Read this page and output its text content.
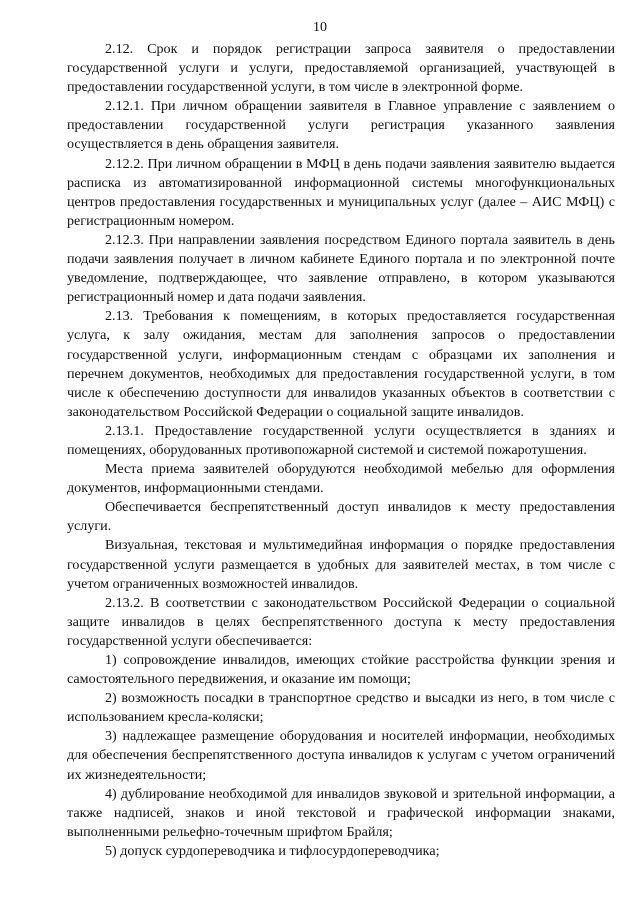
10

2.12. Срок и порядок регистрации запроса заявителя о предоставлении государственной услуги и услуги, предоставляемой организацией, участвующей в предоставлении государственной услуги, в том числе в электронной форме.

2.12.1. При личном обращении заявителя в Главное управление с заявлением о предоставлении государственной услуги регистрация указанного заявления осуществляется в день обращения заявителя.

2.12.2. При личном обращении в МФЦ в день подачи заявления заявителю выдается расписка из автоматизированной информационной системы многофункциональных центров предоставления государственных и муниципальных услуг (далее – АИС МФЦ) с регистрационным номером.

2.12.3. При направлении заявления посредством Единого портала заявитель в день подачи заявления получает в личном кабинете Единого портала и по электронной почте уведомление, подтверждающее, что заявление отправлено, в котором указываются регистрационный номер и дата подачи заявления.

2.13. Требования к помещениям, в которых предоставляется государственная услуга, к залу ожидания, местам для заполнения запросов о предоставлении государственной услуги, информационным стендам с образцами их заполнения и перечнем документов, необходимых для предоставления государственной услуги, в том числе к обеспечению доступности для инвалидов указанных объектов в соответствии с законодательством Российской Федерации о социальной защите инвалидов.

2.13.1. Предоставление государственной услуги осуществляется в зданиях и помещениях, оборудованных противопожарной системой и системой пожаротушения.

Места приема заявителей оборудуются необходимой мебелью для оформления документов, информационными стендами.

Обеспечивается беспрепятственный доступ инвалидов к месту предоставления услуги.

Визуальная, текстовая и мультимедийная информация о порядке предоставления государственной услуги размещается в удобных для заявителей местах, в том числе с учетом ограниченных возможностей инвалидов.

2.13.2. В соответствии с законодательством Российской Федерации о социальной защите инвалидов в целях беспрепятственного доступа к месту предоставления государственной услуги обеспечивается:

1) сопровождение инвалидов, имеющих стойкие расстройства функции зрения и самостоятельного передвижения, и оказание им помощи;

2) возможность посадки в транспортное средство и высадки из него, в том числе с использованием кресла-коляски;

3) надлежащее размещение оборудования и носителей информации, необходимых для обеспечения беспрепятственного доступа инвалидов к услугам с учетом ограничений их жизнедеятельности;

4) дублирование необходимой для инвалидов звуковой и зрительной информации, а также надписей, знаков и иной текстовой и графической информации знаками, выполненными рельефно-точечным шрифтом Брайля;

5) допуск сурдопереводчика и тифлосурдопереводчика;
